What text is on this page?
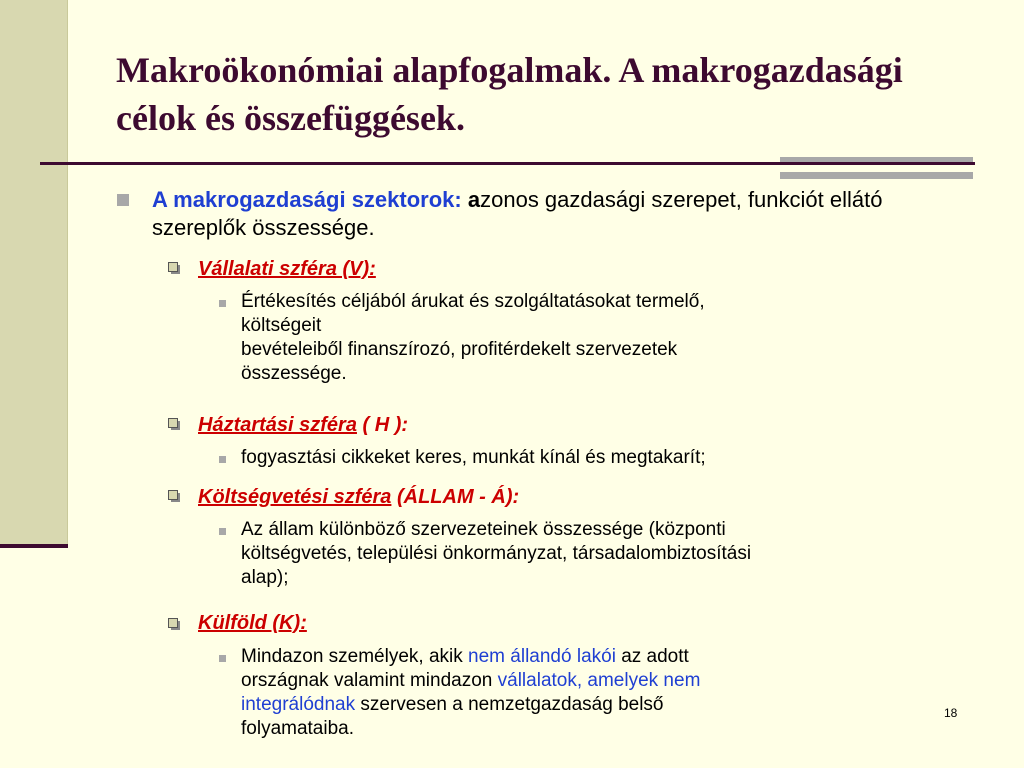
Makroökonómiai alapfogalmak. A makrogazdasági célok és összefüggések.
A makrogazdasági szektorok: azonos gazdasági szerepet, funkciót ellátó szereplők összessége.
Vállalati szféra (V):
Értékesítés céljából árukat és szolgáltatásokat termelő,
költségeit
bevételeiből finanszírozó, profitérdekelt szervezetek
összessége.
Háztartási szféra ( H ):
fogyasztási cikkeket keres, munkát kínál és megtakarít;
Költségvetési szféra (ÁLLAM - Á):
Az állam különböző szervezeteinek összessége (központi
költségvetés, települési önkormányzat, társadalombiztosítási
alap);
Külföld (K):
Mindazon személyek, akik nem állandó lakói az adott
országnak valamint mindazon vállalatok, amelyek nem
integrálódnak szervesen a nemzetgazdaság belső
folyamataiba.
18
